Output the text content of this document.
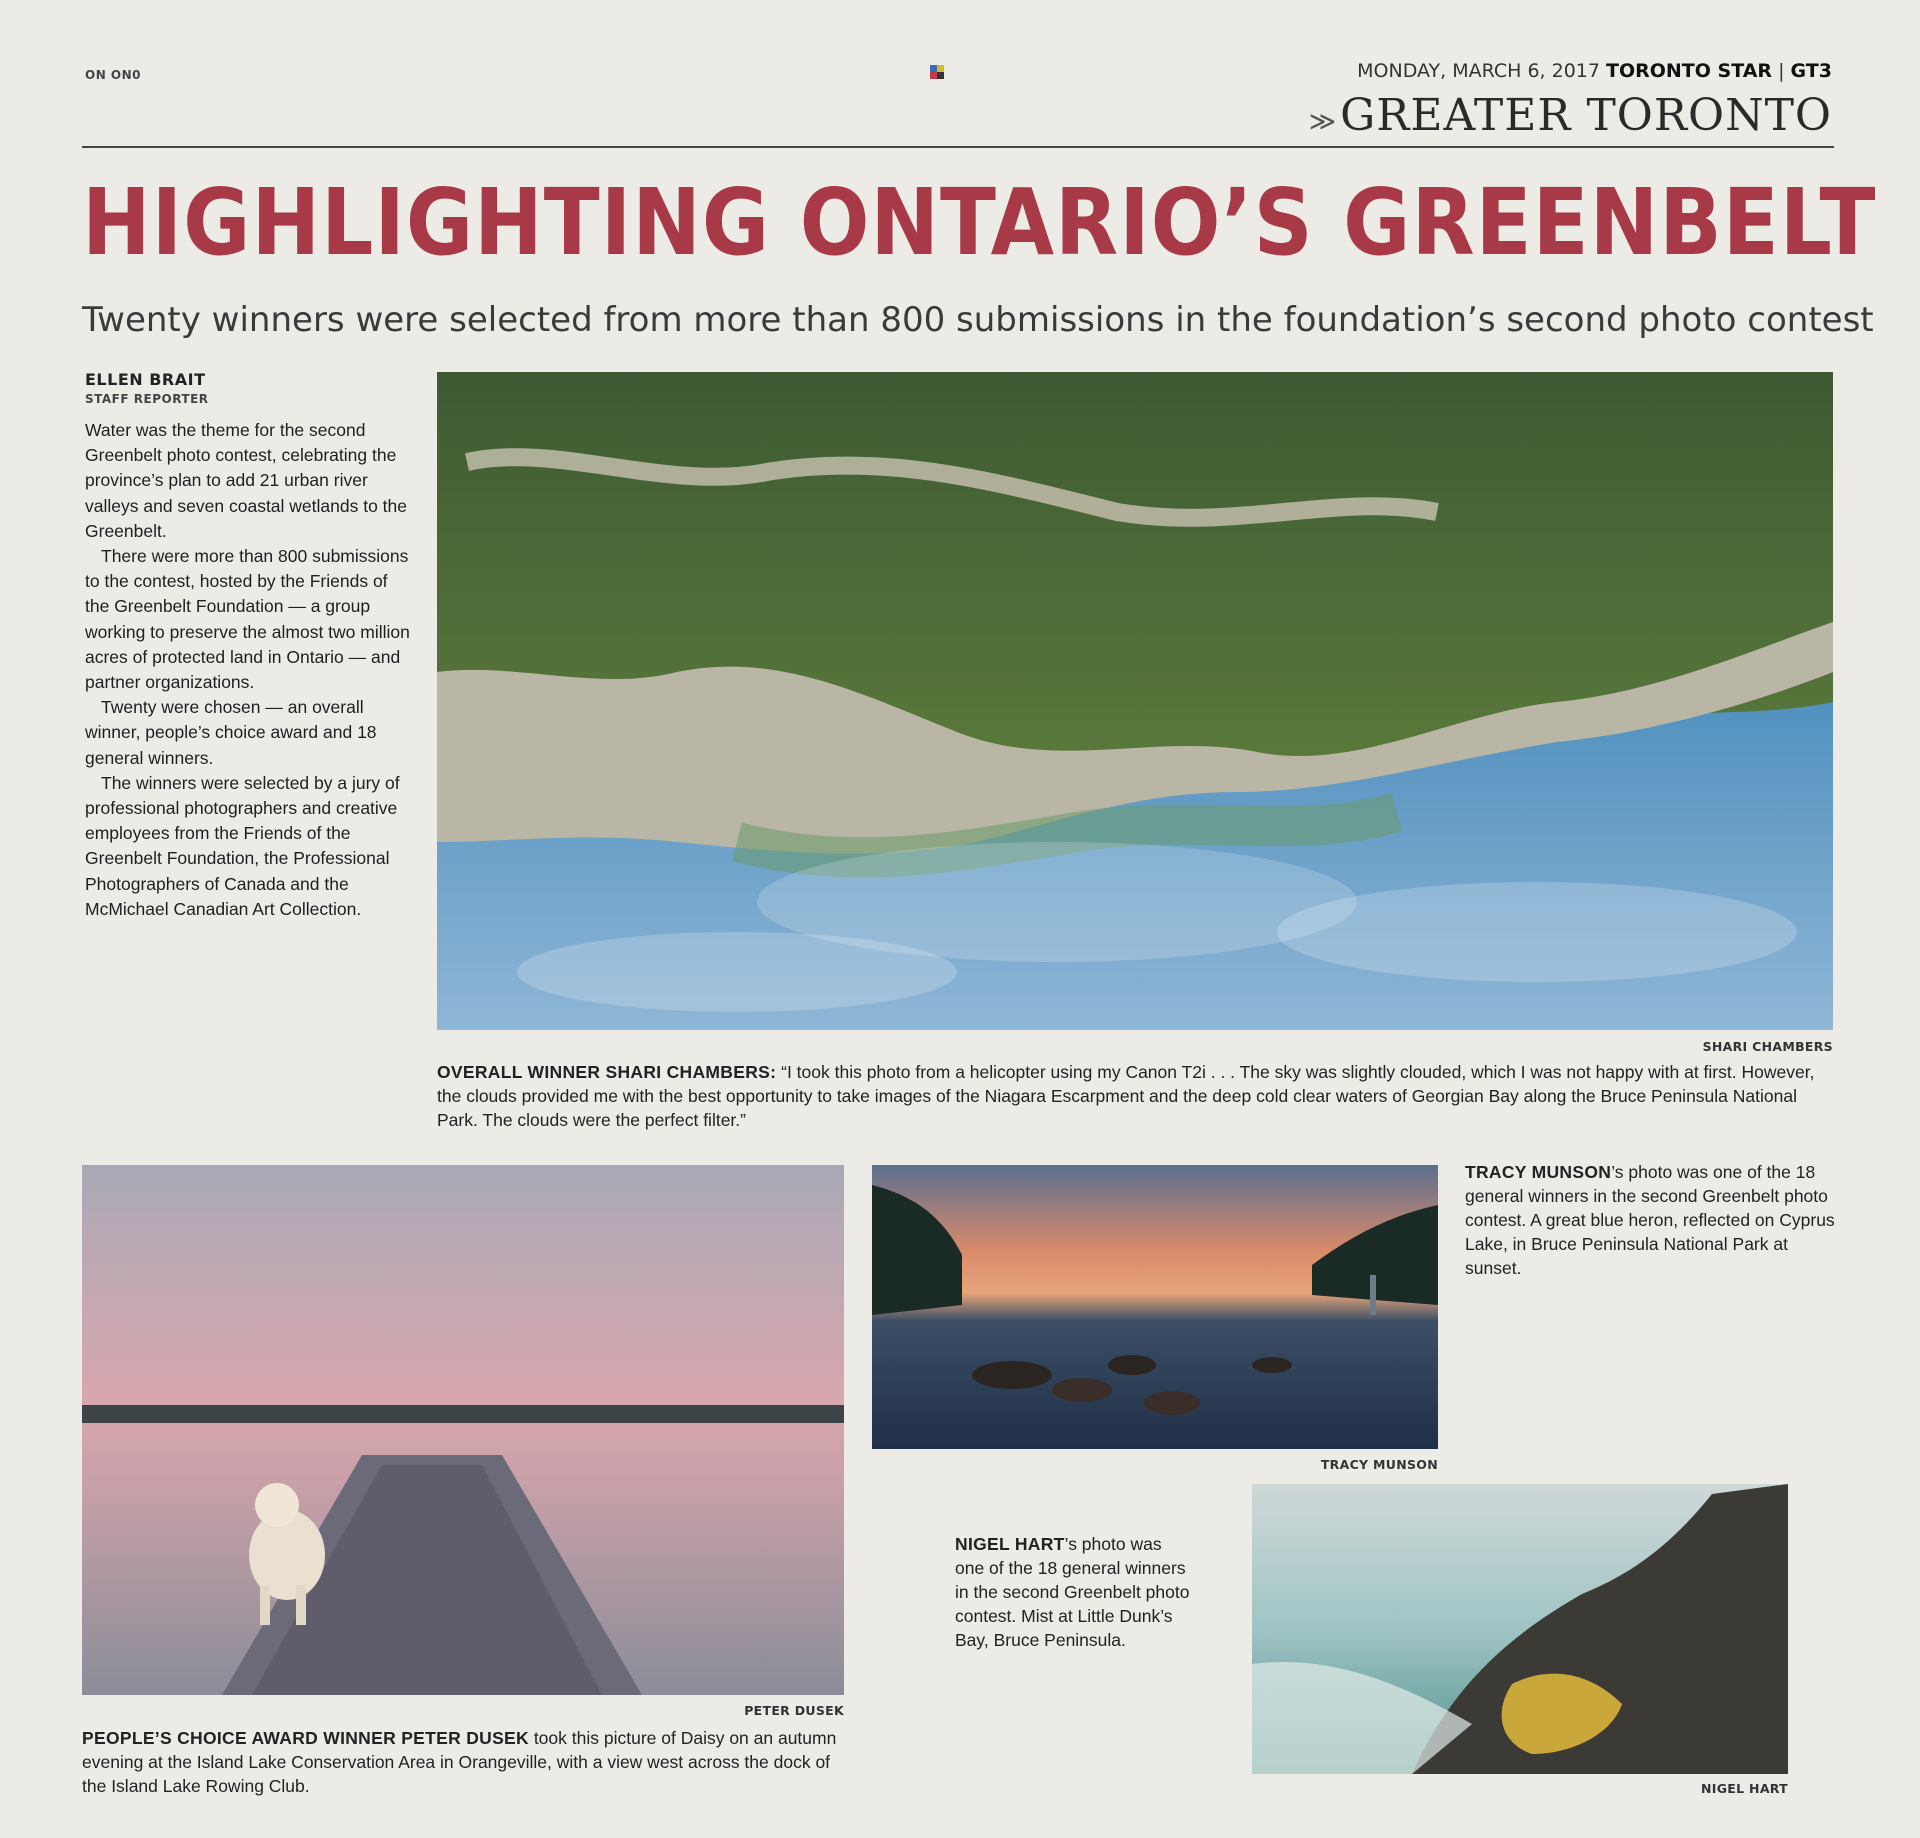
ON ON0	MONDAY, MARCH 6, 2017 TORONTO STAR | GT3
≫ GREATER TORONTO
HIGHLIGHTING ONTARIO’S GREENBELT
Twenty winners were selected from more than 800 submissions in the foundation’s second photo contest
ELLEN BRAIT
STAFF REPORTER

Water was the theme for the second Greenbelt photo contest, celebrating the province’s plan to add 21 urban river valleys and seven coastal wetlands to the Greenbelt.

There were more than 800 submissions to the contest, hosted by the Friends of the Greenbelt Foundation — a group working to preserve the almost two million acres of protected land in Ontario — and partner organizations.

Twenty were chosen — an overall winner, people’s choice award and 18 general winners.

The winners were selected by a jury of professional photographers and creative employees from the Friends of the Greenbelt Foundation, the Professional Photographers of Canada and the McMichael Canadian Art Collection.

SHARI CHAMBERS
OVERALL WINNER SHARI CHAMBERS: “I took this photo from a helicopter using my Canon T2i . . . The sky was slightly clouded, which I was not happy with at first. However, the clouds provided me with the best opportunity to take images of the Niagara Escarpment and the deep cold clear waters of Georgian Bay along the Bruce Peninsula National Park. The clouds were the perfect filter.”
PETER DUSEK
PEOPLE’S CHOICE AWARD WINNER PETER DUSEK took this picture of Daisy on an autumn evening at the Island Lake Conservation Area in Orangeville, with a view west across the dock of the Island Lake Rowing Club.
TRACY MUNSON
TRACY MUNSON’s photo was one of the 18 general winners in the second Greenbelt photo contest. A great blue heron, reflected on Cyprus Lake, in Bruce Peninsula National Park at sunset.
NIGEL HART
NIGEL HART’s photo was one of the 18 general winners in the second Greenbelt photo contest. Mist at Little Dunk’s Bay, Bruce Peninsula.
